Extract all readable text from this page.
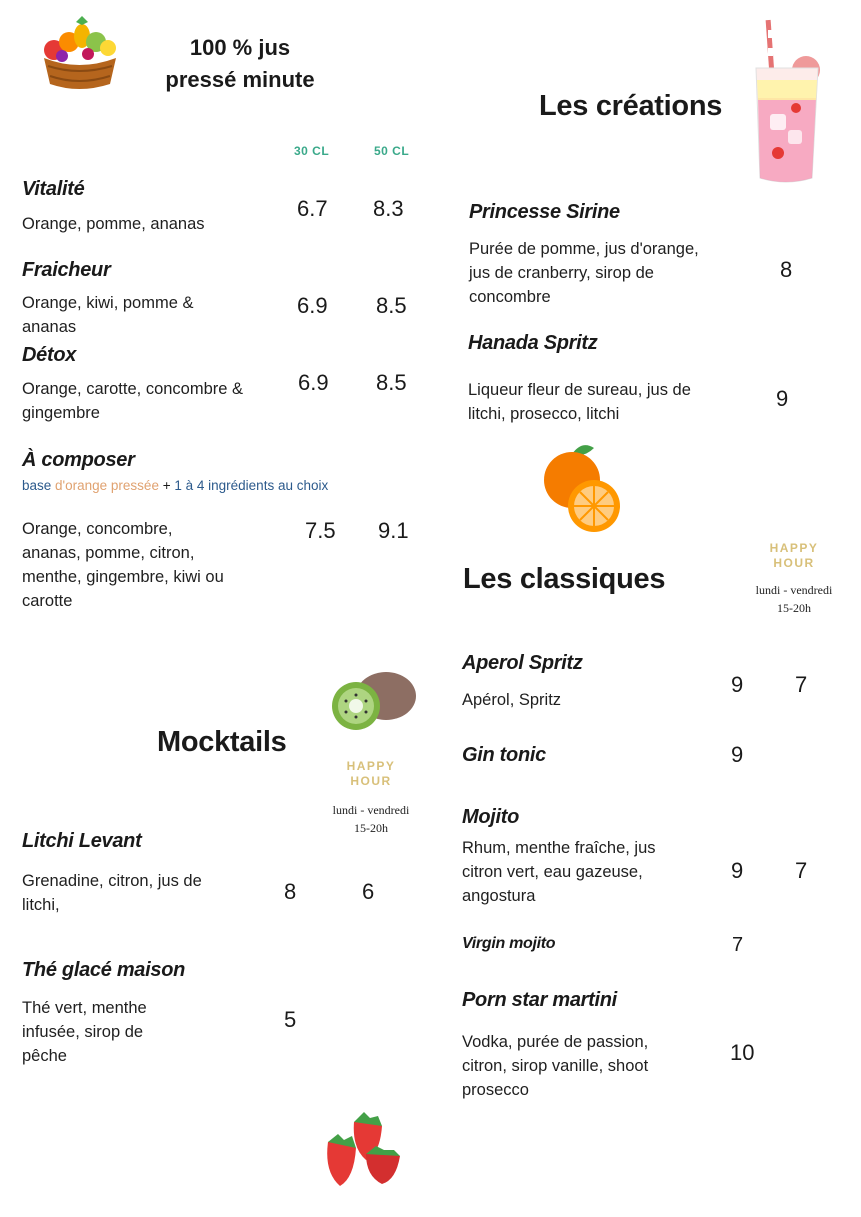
100 % jus
pressé minute
30 CL	50 CL
Vitalité
Orange, pomme, ananas
6.7 8.3
Fraicheur
Orange, kiwi, pomme & ananas
6.9 8.5
Détox
Orange, carotte, concombre & gingembre
6.9 8.5
À composer
base d'orange pressée + 1 à 4 ingrédients au choix
Orange, concombre, ananas, pomme, citron, menthe, gingembre, kiwi ou carotte
7.5 9.1
Les créations
Princesse Sirine
Purée de pomme, jus d'orange, jus de cranberry, sirop de concombre
8
Hanada Spritz
Liqueur fleur de sureau, jus de litchi, prosecco, litchi
9
Les classiques
HAPPY
HOUR
lundi - vendredi
15-20h
Aperol Spritz
Apérol, Spritz
9 7
Gin tonic	9
Mojito
Rhum, menthe fraîche, jus citron vert, eau gazeuse, angostura
9 7
Virgin mojito	7
Porn star martini
Vodka, purée de passion, citron, sirop vanille, shoot prosecco
10
Mocktails
HAPPY
HOUR
lundi - vendredi
15-20h
Litchi Levant
Grenadine, citron, jus de litchi,
8	6
Thé glacé maison
Thé vert, menthe infusée, sirop de pêche
5
